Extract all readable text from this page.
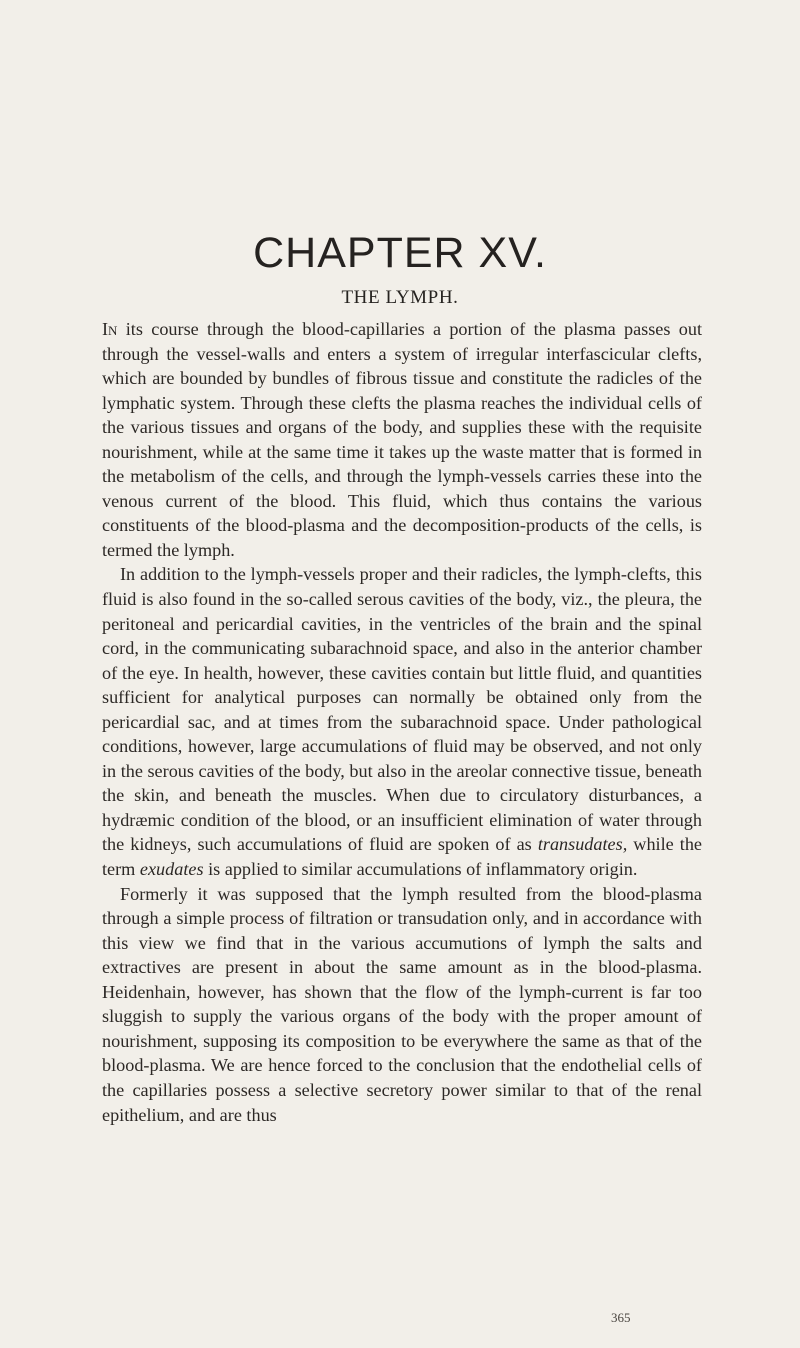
CHAPTER XV.
THE LYMPH.

In its course through the blood-capillaries a portion of the plasma passes out through the vessel-walls and enters a system of irregular interfascicular clefts, which are bounded by bundles of fibrous tissue and constitute the radicles of the lymphatic system. Through these clefts the plasma reaches the individual cells of the various tissues and organs of the body, and supplies these with the requisite nourishment, while at the same time it takes up the waste matter that is formed in the metabolism of the cells, and through the lymph-vessels carries these into the venous current of the blood. This fluid, which thus contains the various constituents of the blood-plasma and the decomposition-products of the cells, is termed the lymph.

In addition to the lymph-vessels proper and their radicles, the lymph-clefts, this fluid is also found in the so-called serous cavities of the body, viz., the pleura, the peritoneal and pericardial cavities, in the ventricles of the brain and the spinal cord, in the communicating subarachnoid space, and also in the anterior chamber of the eye. In health, however, these cavities contain but little fluid, and quantities sufficient for analytical purposes can normally be obtained only from the pericardial sac, and at times from the subarachnoid space. Under pathological conditions, however, large accumulations of fluid may be observed, and not only in the serous cavities of the body, but also in the areolar connective tissue, beneath the skin, and beneath the muscles. When due to circulatory disturbances, a hydræmic condition of the blood, or an insufficient elimination of water through the kidneys, such accumulations of fluid are spoken of as transudates, while the term exudates is applied to similar accumulations of inflammatory origin.

Formerly it was supposed that the lymph resulted from the blood-plasma through a simple process of filtration or transudation only, and in accordance with this view we find that in the various accumutions of lymph the salts and extractives are present in about the same amount as in the blood-plasma. Heidenhain, however, has shown that the flow of the lymph-current is far too sluggish to supply the various organs of the body with the proper amount of nourishment, supposing its composition to be everywhere the same as that of the blood-plasma. We are hence forced to the conclusion that the endothelial cells of the capillaries possess a selective secretory power similar to that of the renal epithelium, and are thus

365
